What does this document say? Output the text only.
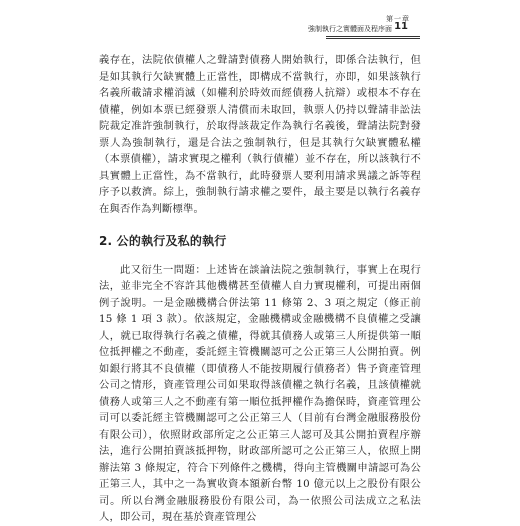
第一章
強制執行之實體面及程序面 11

義存在，法院依債權人之聲請對債務人開始執行，即係合法執行，但是如其執行欠缺實體上正當性，即構成不當執行，亦即，如果該執行名義所載請求權消滅（如權利於時效而經債務人抗辯）或根本不存在債權，例如本票已經發票人清償而未取回，執票人仍持以聲請非訟法院裁定准許強制執行，於取得該裁定作為執行名義後，聲請法院對發票人為強制執行，還是合法之強制執行，但是其執行欠缺實體私權（本票債權），請求實現之權利（執行債權）並不存在，所以該執行不具實體上正當性，為不當執行，此時發票人要利用請求異議之訴等程序予以救濟。綜上，強制執行請求權之要件，最主要是以執行名義存在與否作為判斷標準。

2. 公的執行及私的執行

此又衍生一問題：上述皆在談論法院之強制執行，事實上在現行法，並非完全不容許其他機構甚至債權人自力實現權利，可提出兩個例子說明。一是金融機構合併法第 11 條第 2、3 項之規定（修正前 15 條 1 項 3 款）。依該規定，金融機構或金融機構不良債權之受讓人，就已取得執行名義之債權，得就其債務人或第三人所提供第一順位抵押權之不動產，委託經主管機關認可之公正第三人公開拍賣。例如銀行將其不良債權（即債務人不能按期履行債務者）售予資產管理公司之情形，資產管理公司如果取得該債權之執行名義，且該債權就債務人或第三人之不動產有第一順位抵押權作為擔保時，資產管理公司可以委託經主管機關認可之公正第三人（目前有台灣金融服務股份有限公司），依照財政部所定之公正第三人認可及其公開拍賣程序辦法，進行公開拍賣該抵押物，財政部所認可之公正第三人，依照上開辦法第 3 條規定，符合下列條件之機構，得向主管機關申請認可為公正第三人，其中之一為實收資本額新台幣 10 億元以上之股份有限公司。所以台灣金融服務股份有限公司，為一依照公司法成立之私法人，即公司，現在基於資產管理公
